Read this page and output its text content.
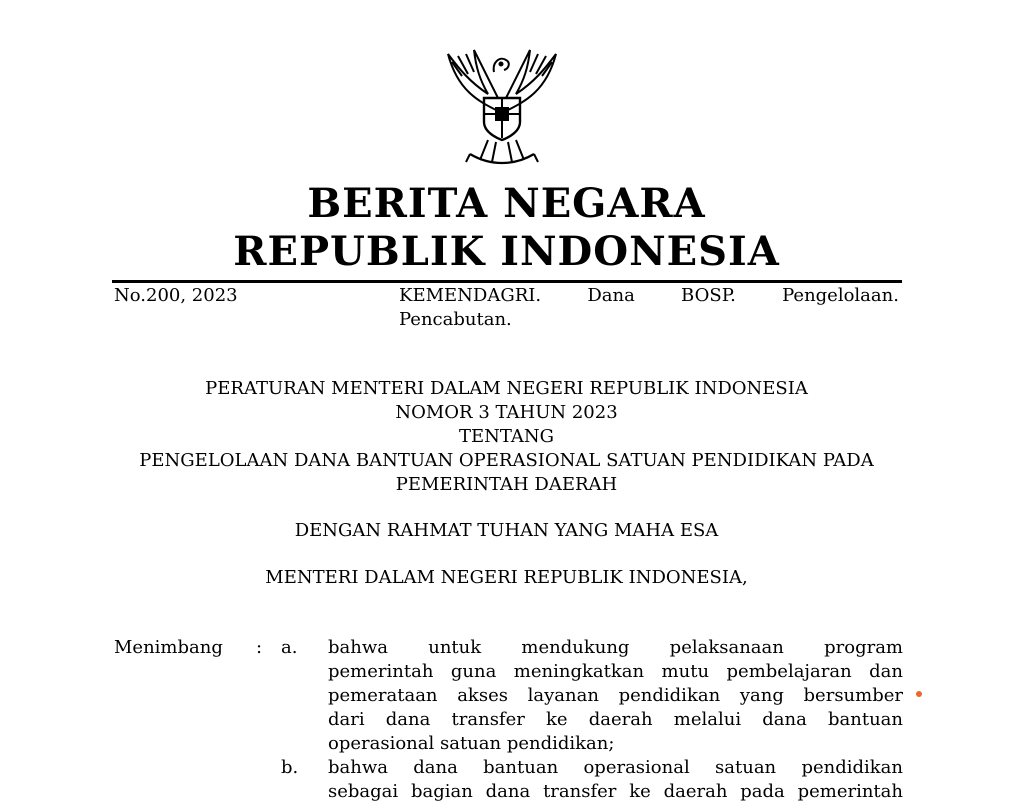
BERITA NEGARA
REPUBLIK INDONESIA
No.200, 2023	KEMENDAGRI.	Dana	BOSP.	Pengelolaan.
Pencabutan.
PERATURAN MENTERI DALAM NEGERI REPUBLIK INDONESIA
NOMOR 3 TAHUN 2023
TENTANG
PENGELOLAAN DANA BANTUAN OPERASIONAL SATUAN PENDIDIKAN PADA
PEMERINTAH DAERAH
DENGAN RAHMAT TUHAN YANG MAHA ESA
MENTERI DALAM NEGERI REPUBLIK INDONESIA,
Menimbang : a. bahwa untuk mendukung pelaksanaan program
pemerintah guna meningkatkan mutu pembelajaran dan
pemerataan akses layanan pendidikan yang bersumber
dari dana transfer ke daerah melalui dana bantuan
operasional satuan pendidikan;
b. bahwa dana bantuan operasional satuan pendidikan
sebagai bagian dana transfer ke daerah pada pemerintah
